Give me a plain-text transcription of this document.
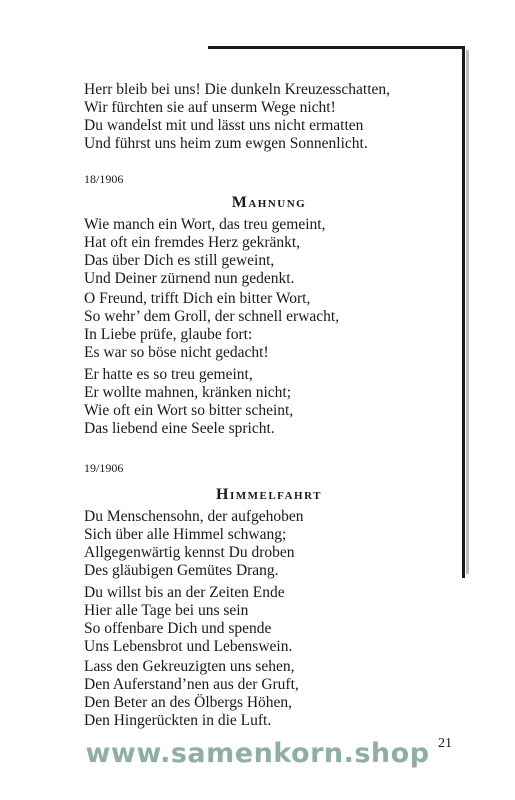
Herr bleib bei uns! Die dunkeln Kreuzesschatten,
Wir fürchten sie auf unserm Wege nicht!
Du wandelst mit und lässt uns nicht ermatten
Und führst uns heim zum ewgen Sonnenlicht.
18/1906
Mahnung
Wie manch ein Wort, das treu gemeint,
Hat oft ein fremdes Herz gekränkt,
Das über Dich es still geweint,
Und Deiner zürnend nun gedenkt.
O Freund, trifft Dich ein bitter Wort,
So wehr’ dem Groll, der schnell erwacht,
In Liebe prüfe, glaube fort:
Es war so böse nicht gedacht!
Er hatte es so treu gemeint,
Er wollte mahnen, kränken nicht;
Wie oft ein Wort so bitter scheint,
Das liebend eine Seele spricht.
19/1906
Himmelfahrt
Du Menschensohn, der aufgehoben
Sich über alle Himmel schwang;
Allgegenwärtig kennst Du droben
Des gläubigen Gemütes Drang.
Du willst bis an der Zeiten Ende
Hier alle Tage bei uns sein
So offenbare Dich und spende
Uns Lebensbrot und Lebenswein.
Lass den Gekreuzigten uns sehen,
Den Auferstand’nen aus der Gruft,
Den Beter an des Ölbergs Höhen,
Den Hingerückten in die Luft.
21
www.samenkorn.shop
